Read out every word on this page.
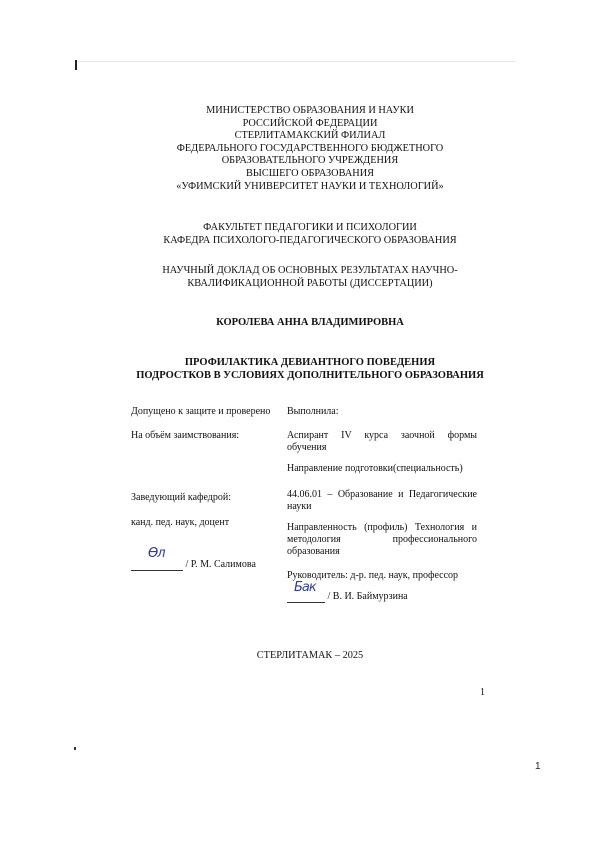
МИНИСТЕРСТВО ОБРАЗОВАНИЯ И НАУКИ
РОССИЙСКОЙ ФЕДЕРАЦИИ
СТЕРЛИТАМАКСКИЙ ФИЛИАЛ
ФЕДЕРАЛЬНОГО ГОСУДАРСТВЕННОГО БЮДЖЕТНОГО
ОБРАЗОВАТЕЛЬНОГО УЧРЕЖДЕНИЯ
ВЫСШЕГО ОБРАЗОВАНИЯ
«УФИМСКИЙ УНИВЕРСИТЕТ НАУКИ И ТЕХНОЛОГИЙ»
ФАКУЛЬТЕТ ПЕДАГОГИКИ И ПСИХОЛОГИИ
КАФЕДРА ПСИХОЛОГО-ПЕДАГОГИЧЕСКОГО ОБРАЗОВАНИЯ
НАУЧНЫЙ ДОКЛАД ОБ ОСНОВНЫХ РЕЗУЛЬТАТАХ НАУЧНО-
КВАЛИФИКАЦИОННОЙ РАБОТЫ (ДИССЕРТАЦИИ)
КОРОЛЕВА АННА ВЛАДИМИРОВНА
ПРОФИЛАКТИКА ДЕВИАНТНОГО ПОВЕДЕНИЯ
ПОДРОСТКОВ В УСЛОВИЯХ ДОПОЛНИТЕЛЬНОГО ОБРАЗОВАНИЯ
Допущено к защите и проверено
На объём заимствования:
Заведующий кафедрой:
канд. пед. наук, доцент
/ Р. М. Салимова
Ѳл
Выполнила:
Аспирант IV курса заочной формы обучения
Направление подготовки(специальность)
44.06.01 – Образование и Педагогические науки
Направленность (профиль) Технология и методология профессионального образования
Руководитель: д-р. пед. наук, профессор
/ В. И. Баймурзина
Бак
СТЕРЛИТАМАК – 2025
1
1
